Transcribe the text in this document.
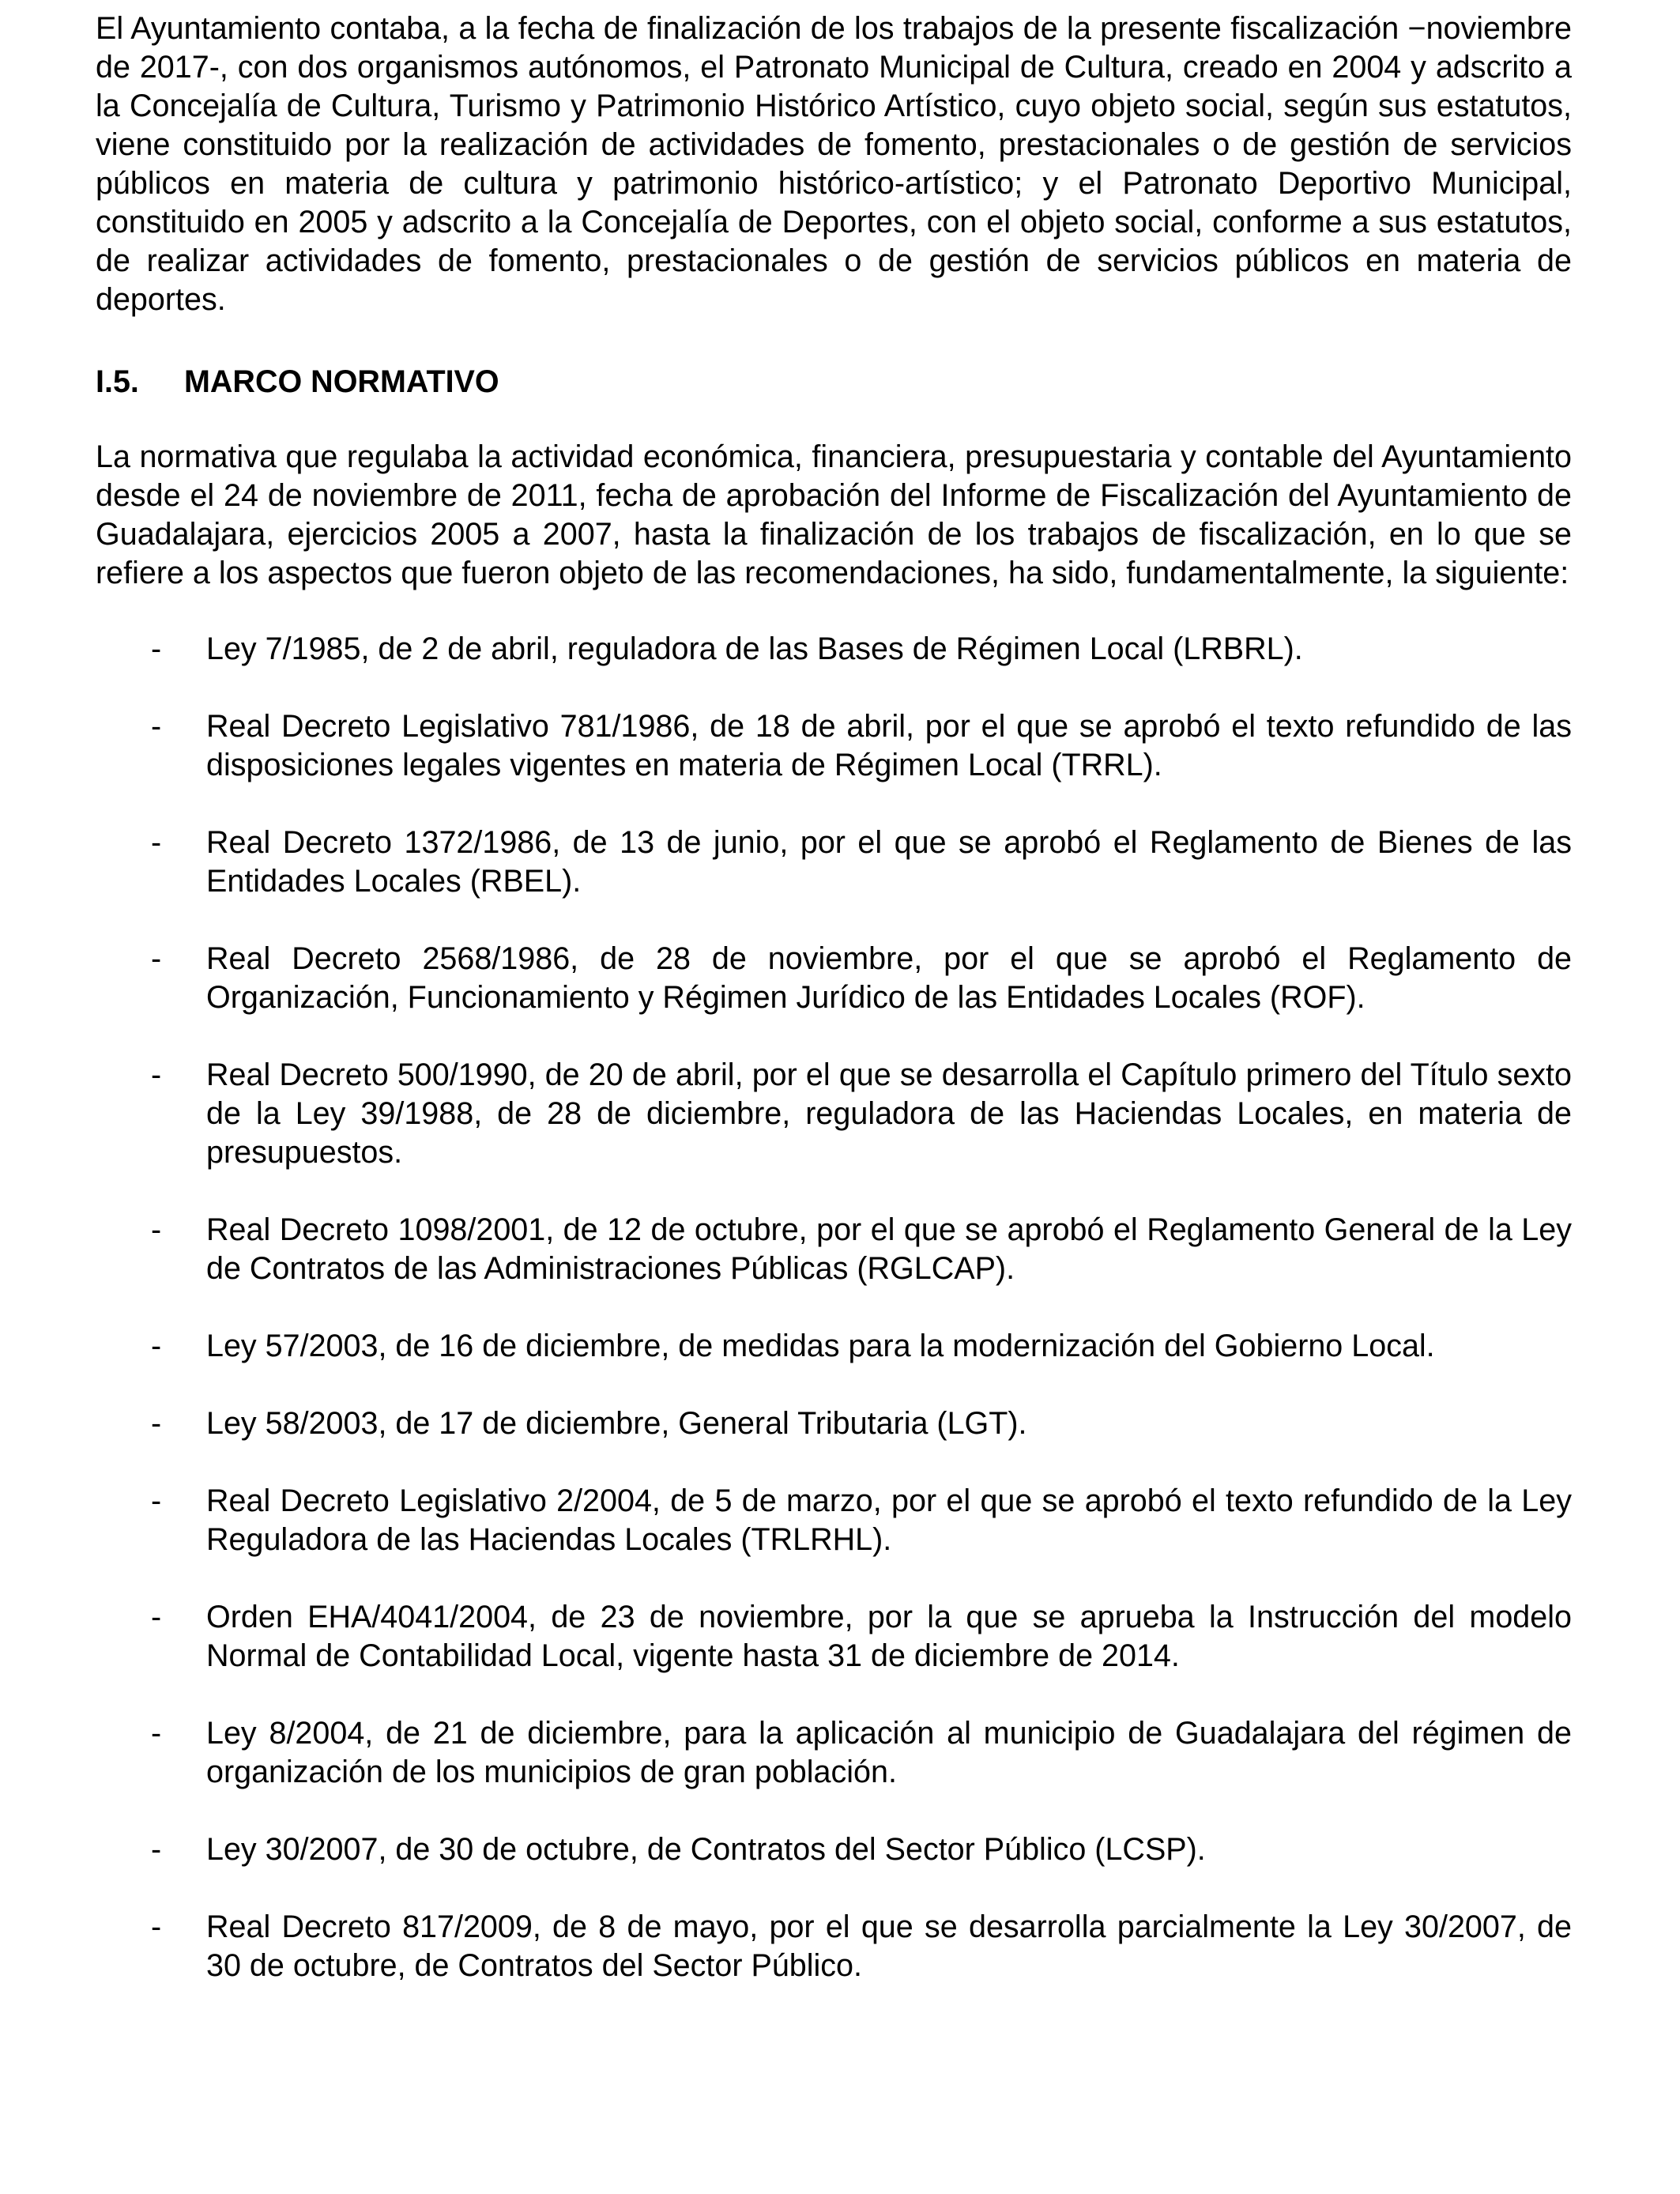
El Ayuntamiento contaba, a la fecha de finalización de los trabajos de la presente fiscalización −noviembre de 2017-, con dos organismos autónomos, el Patronato Municipal de Cultura, creado en 2004 y adscrito a la Concejalía de Cultura, Turismo y Patrimonio Histórico Artístico, cuyo objeto social, según sus estatutos, viene constituido por la realización de actividades de fomento, prestacionales o de gestión de servicios públicos en materia de cultura y patrimonio histórico-artístico; y el Patronato Deportivo Municipal, constituido en 2005 y adscrito a la Concejalía de Deportes, con el objeto social, conforme a sus estatutos, de realizar actividades de fomento, prestacionales o de gestión de servicios públicos en materia de deportes.

I.5.	MARCO NORMATIVO

La normativa que regulaba la actividad económica, financiera, presupuestaria y contable del Ayuntamiento desde el 24 de noviembre de 2011, fecha de aprobación del Informe de Fiscalización del Ayuntamiento de Guadalajara, ejercicios 2005 a 2007, hasta la finalización de los trabajos de fiscalización, en lo que se refiere a los aspectos que fueron objeto de las recomendaciones, ha sido, fundamentalmente, la siguiente:

- Ley 7/1985, de 2 de abril, reguladora de las Bases de Régimen Local (LRBRL).
- Real Decreto Legislativo 781/1986, de 18 de abril, por el que se aprobó el texto refundido de las disposiciones legales vigentes en materia de Régimen Local (TRRL).
- Real Decreto 1372/1986, de 13 de junio, por el que se aprobó el Reglamento de Bienes de las Entidades Locales (RBEL).
- Real Decreto 2568/1986, de 28 de noviembre, por el que se aprobó el Reglamento de Organización, Funcionamiento y Régimen Jurídico de las Entidades Locales (ROF).
- Real Decreto 500/1990, de 20 de abril, por el que se desarrolla el Capítulo primero del Título sexto de la Ley 39/1988, de 28 de diciembre, reguladora de las Haciendas Locales, en materia de presupuestos.
- Real Decreto 1098/2001, de 12 de octubre, por el que se aprobó el Reglamento General de la Ley de Contratos de las Administraciones Públicas (RGLCAP).
- Ley 57/2003, de 16 de diciembre, de medidas para la modernización del Gobierno Local.
- Ley 58/2003, de 17 de diciembre, General Tributaria (LGT).
- Real Decreto Legislativo 2/2004, de 5 de marzo, por el que se aprobó el texto refundido de la Ley Reguladora de las Haciendas Locales (TRLRHL).
- Orden EHA/4041/2004, de 23 de noviembre, por la que se aprueba la Instrucción del modelo Normal de Contabilidad Local, vigente hasta 31 de diciembre de 2014.
- Ley 8/2004, de 21 de diciembre, para la aplicación al municipio de Guadalajara del régimen de organización de los municipios de gran población.
- Ley 30/2007, de 30 de octubre, de Contratos del Sector Público (LCSP).
- Real Decreto 817/2009, de 8 de mayo, por el que se desarrolla parcialmente la Ley 30/2007, de 30 de octubre, de Contratos del Sector Público.
